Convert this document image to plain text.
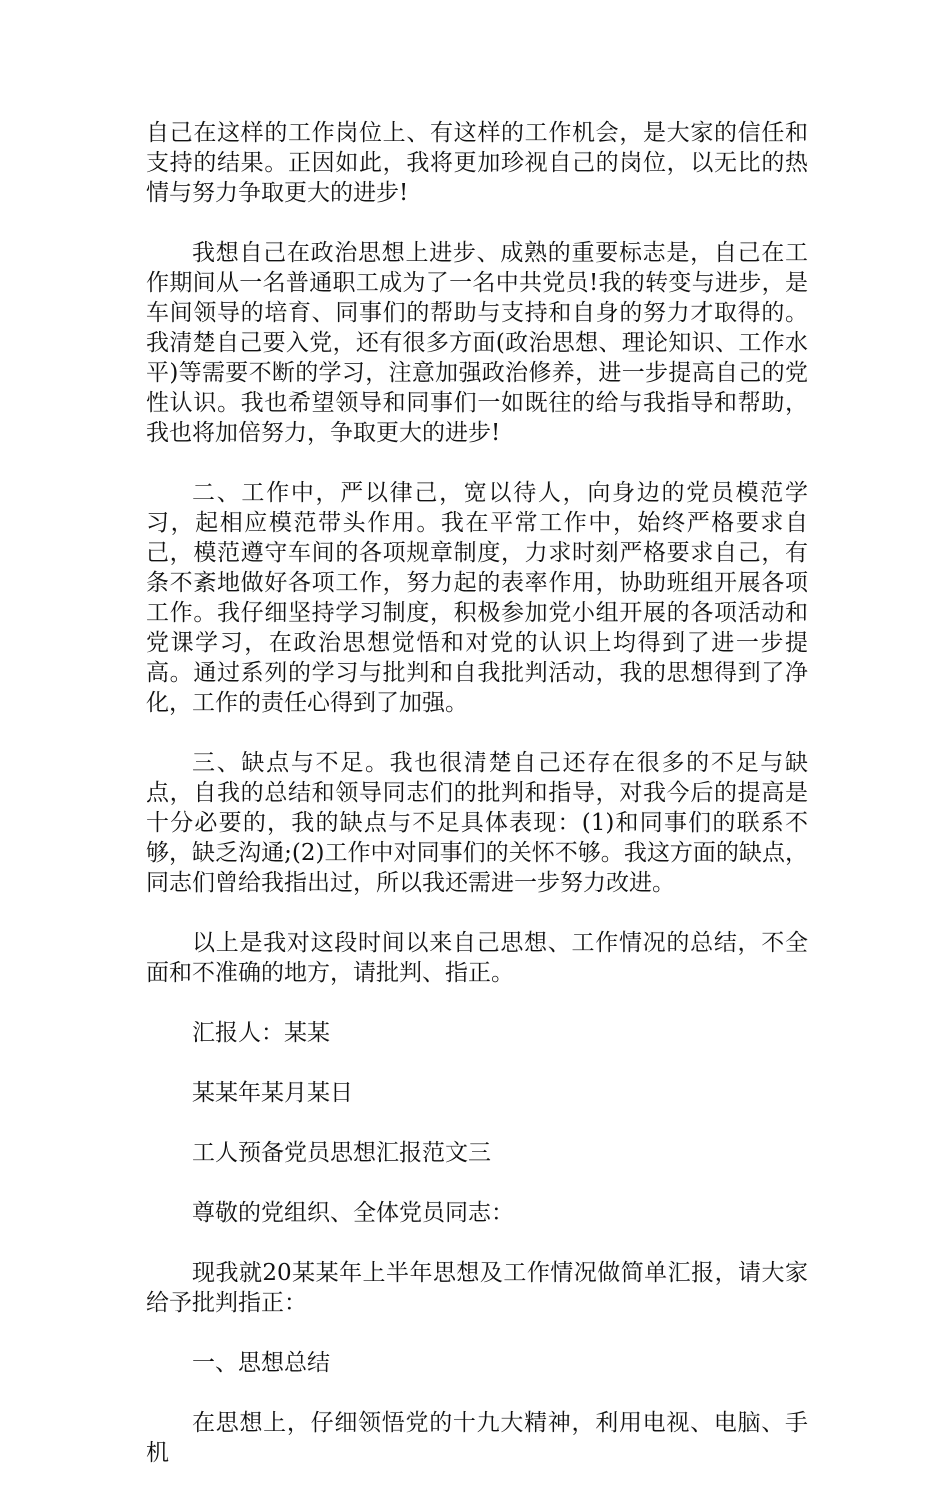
自己在这样的工作岗位上、有这样的工作机会，是大家的信任和支持的结果。正因如此，我将更加珍视自己的岗位，以无比的热情与努力争取更大的进步!

我想自己在政治思想上进步、成熟的重要标志是，自己在工作期间从一名普通职工成为了一名中共党员!我的转变与进步，是车间领导的培育、同事们的帮助与支持和自身的努力才取得的。我清楚自己要入党，还有很多方面(政治思想、理论知识、工作水平)等需要不断的学习，注意加强政治修养，进一步提高自己的党性认识。我也希望领导和同事们一如既往的给与我指导和帮助，我也将加倍努力，争取更大的进步!

二、工作中，严以律己，宽以待人，向身边的党员模范学习，起相应模范带头作用。我在平常工作中，始终严格要求自己，模范遵守车间的各项规章制度，力求时刻严格要求自己，有条不紊地做好各项工作，努力起的表率作用，协助班组开展各项工作。我仔细坚持学习制度，积极参加党小组开展的各项活动和党课学习，在政治思想觉悟和对党的认识上均得到了进一步提高。通过系列的学习与批判和自我批判活动，我的思想得到了净化，工作的责任心得到了加强。

三、缺点与不足。我也很清楚自己还存在很多的不足与缺点，自我的总结和领导同志们的批判和指导，对我今后的提高是十分必要的，我的缺点与不足具体表现：(1)和同事们的联系不够，缺乏沟通;(2)工作中对同事们的关怀不够。我这方面的缺点，同志们曾给我指出过，所以我还需进一步努力改进。

以上是我对这段时间以来自己思想、工作情况的总结，不全面和不准确的地方，请批判、指正。

汇报人：某某

某某年某月某日

工人预备党员思想汇报范文三

尊敬的党组织、全体党员同志：

现我就20某某年上半年思想及工作情况做简单汇报，请大家给予批判指正：

一、思想总结

在思想上，仔细领悟党的十九大精神，利用电视、电脑、手机
